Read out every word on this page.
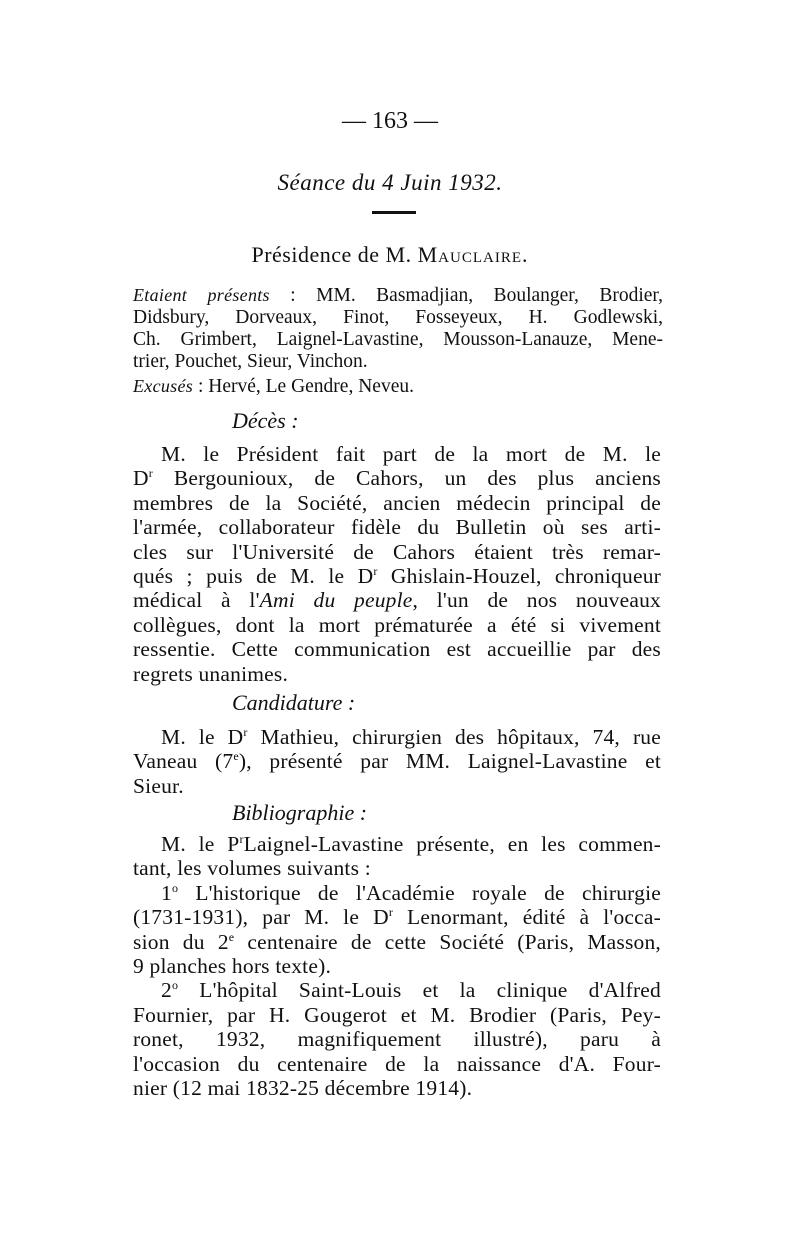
— 163 —
Séance du 4 Juin 1932.
Présidence de M. Mauclaire.
Etaient présents : MM. Basmadjian, Boulanger, Brodier,
Didsbury, Dorveaux, Finot, Fosseyeux, H. Godlewski,
Ch. Grimbert, Laignel-Lavastine, Mousson-Lanauze, Mene-
trier, Pouchet, Sieur, Vinchon.
Excusés : Hervé, Le Gendre, Neveu.
Décès :
M. le Président fait part de la mort de M. le
$D^r$ Bergounioux, de Cahors, un des plus anciens
membres de la Société, ancien médecin principal de
l'armée, collaborateur fidèle du Bulletin où ses arti-
cles sur l'Université de Cahors étaient très remar-
qués ; puis de M. le $D^r$ Ghislain-Houzel, chroniqueur
médical à l'Ami du peuple, l'un de nos nouveaux
collègues, dont la mort prématurée a été si vivement
ressentie. Cette communication est accueillie par des
regrets unanimes.
Candidature :
M. le $D^r$ Mathieu, chirurgien des hôpitaux, 74, rue
Vaneau (7e), présenté par MM. Laignel-Lavastine et
Sieur.
Bibliographie :
M. le $P^rLaignel$-Lavastine présente, en les commen-
tant, les volumes suivants :
1$^o$ L'historique de l'Académie royale de chirurgie
(1731-1931), par M. le $D^r$ Lenormant, édité à l'occa-
sion du 2e centenaire de cette Société (Paris, Masson,
9 planches hors texte).
2$^o$ L'hôpital Saint-Louis et la clinique d'Alfred
Fournier, par H. Gougerot et M. Brodier (Paris, Pey-
ronet, 1932, magnifiquement illustré), paru à
l'occasion du centenaire de la naissance d'A. Four-
nier (12 mai 1832-25 décembre 1914).
